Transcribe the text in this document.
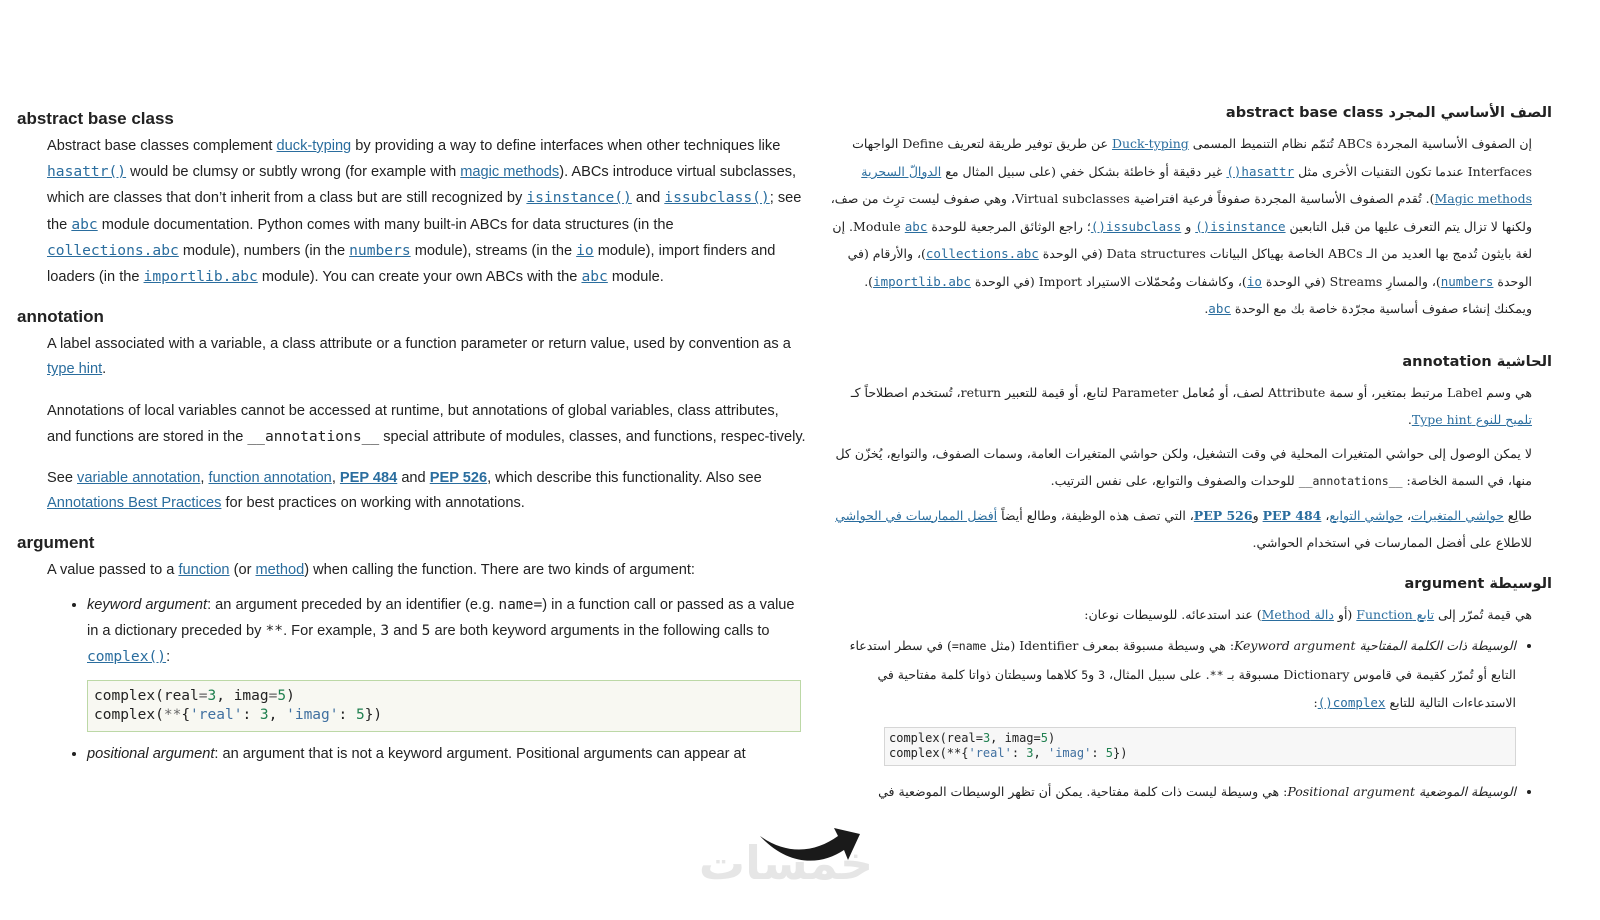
abstract base class

Abstract base classes complement duck-typing by providing a way to define interfaces when other techniques like hasattr() would be clumsy or subtly wrong (for example with magic methods). ABCs introduce virtual subclasses, which are classes that don’t inherit from a class but are still recognized by isinstance() and issubclass(); see the abc module documentation. Python comes with many built-in ABCs for data structures (in the collections.abc module), numbers (in the numbers module), streams (in the io module), import finders and loaders (in the importlib.abc module). You can create your own ABCs with the abc module.

annotation

A label associated with a variable, a class attribute or a function parameter or return value, used by convention as a type hint.

Annotations of local variables cannot be accessed at runtime, but annotations of global variables, class attributes, and functions are stored in the __annotations__ special attribute of modules, classes, and functions, respec-tively.

See variable annotation, function annotation, PEP 484 and PEP 526, which describe this functionality. Also see Annotations Best Practices for best practices on working with annotations.

argument

A value passed to a function (or method) when calling the function. There are two kinds of argument:

• keyword argument: an argument preceded by an identifier (e.g. name=) in a function call or passed as a value in a dictionary preceded by **. For example, 3 and 5 are both keyword arguments in the following calls to complex():
complex(real=3, imag=5)
complex(**{'real': 3, 'imag': 5})
• positional argument: an argument that is not a keyword argument. Positional arguments can appear at
الصف الأساسي المجرد abstract base class

إن الصفوف الأساسية المجردة ABCs تُتمّم نظام التنميط المسمى Duck-typing عن طريق توفير طريقة لتعريف Define الواجهات Interfaces عندما تكون التقنيات الأخرى مثل hasattr() غير دقيقة أو خاطئة بشكل خفي (على سبيل المثال مع الدوالّ السحرية Magic methods). تُقدم الصفوف الأساسية المجردة صفوفاً فرعية افتراضية Virtual subclasses، وهي صفوف ليست ترِث من صف، ولكنها لا تزال يتم التعرف عليها من قبل التابعين isinstance() و issubclass()؛ راجع الوثائق المرجعية للوحدة Module abc. إن لغة بايثون تُدمج بها العديد من الـ ABCs الخاصة بهياكل البيانات Data structures (في الوحدة collections.abc)، والأرقام (في الوحدة numbers)، والمسارِ Streams (في الوحدة io)، وكاشفات ومُحمّلات الاستيراد Import (في الوحدة importlib.abc). ويمكنك إنشاء صفوف أساسية مجرّدة خاصة بك مع الوحدة abc.

الحاشية annotation

هي وسم Label مرتبط بمتغير، أو سمة Attribute لصف، أو مُعامل Parameter لتابع، أو قيمة للتعبير return، تُستخدم اصطلاحاً كـ تلميح للنوع Type hint.

لا يمكن الوصول إلى حواشي المتغيرات المحلية في وقت التشغيل، ولكن حواشي المتغيرات العامة، وسمات الصفوف، والتوابع، يُخزّن كل منها، في السمة الخاصة: __annotations__ للوحدات والصفوف والتوابع، على نفس الترتيب.

طالِع حواشي المتغيرات، حواشي التوابع، PEP 484 وPEP 526، التي تصف هذه الوظيفة، وطالع أيضاً أفضل الممارسات في الحواشي للاطلاع على أفضل الممارسات في استخدام الحواشي.

الوسيطة argument

هي قيمة تُمرّر إلى تابع Function (أو دالة Method) عند استدعائه. للوسيطات نوعان:

• الوسيطة ذات الكلمة المفتاحية Keyword argument: هي وسيطة مسبوقة بمعرف Identifier (مثل name=) في سطر استدعاء التابع أو تُمرّر كقيمة في قاموس Dictionary مسبوقة بـ **. على سبيل المثال، 3 و5 كلاهما وسيطتان ذواتا كلمة مفتاحية في الاستدعاءات التالية للتابع complex():
complex(real=3, imag=5)
complex(**{'real': 3, 'imag': 5})
• الوسيطة الموضعية Positional argument: هي وسيطة ليست ذات كلمة مفتاحية. يمكن أن تظهر الوسيطات الموضعية في
خمسات
